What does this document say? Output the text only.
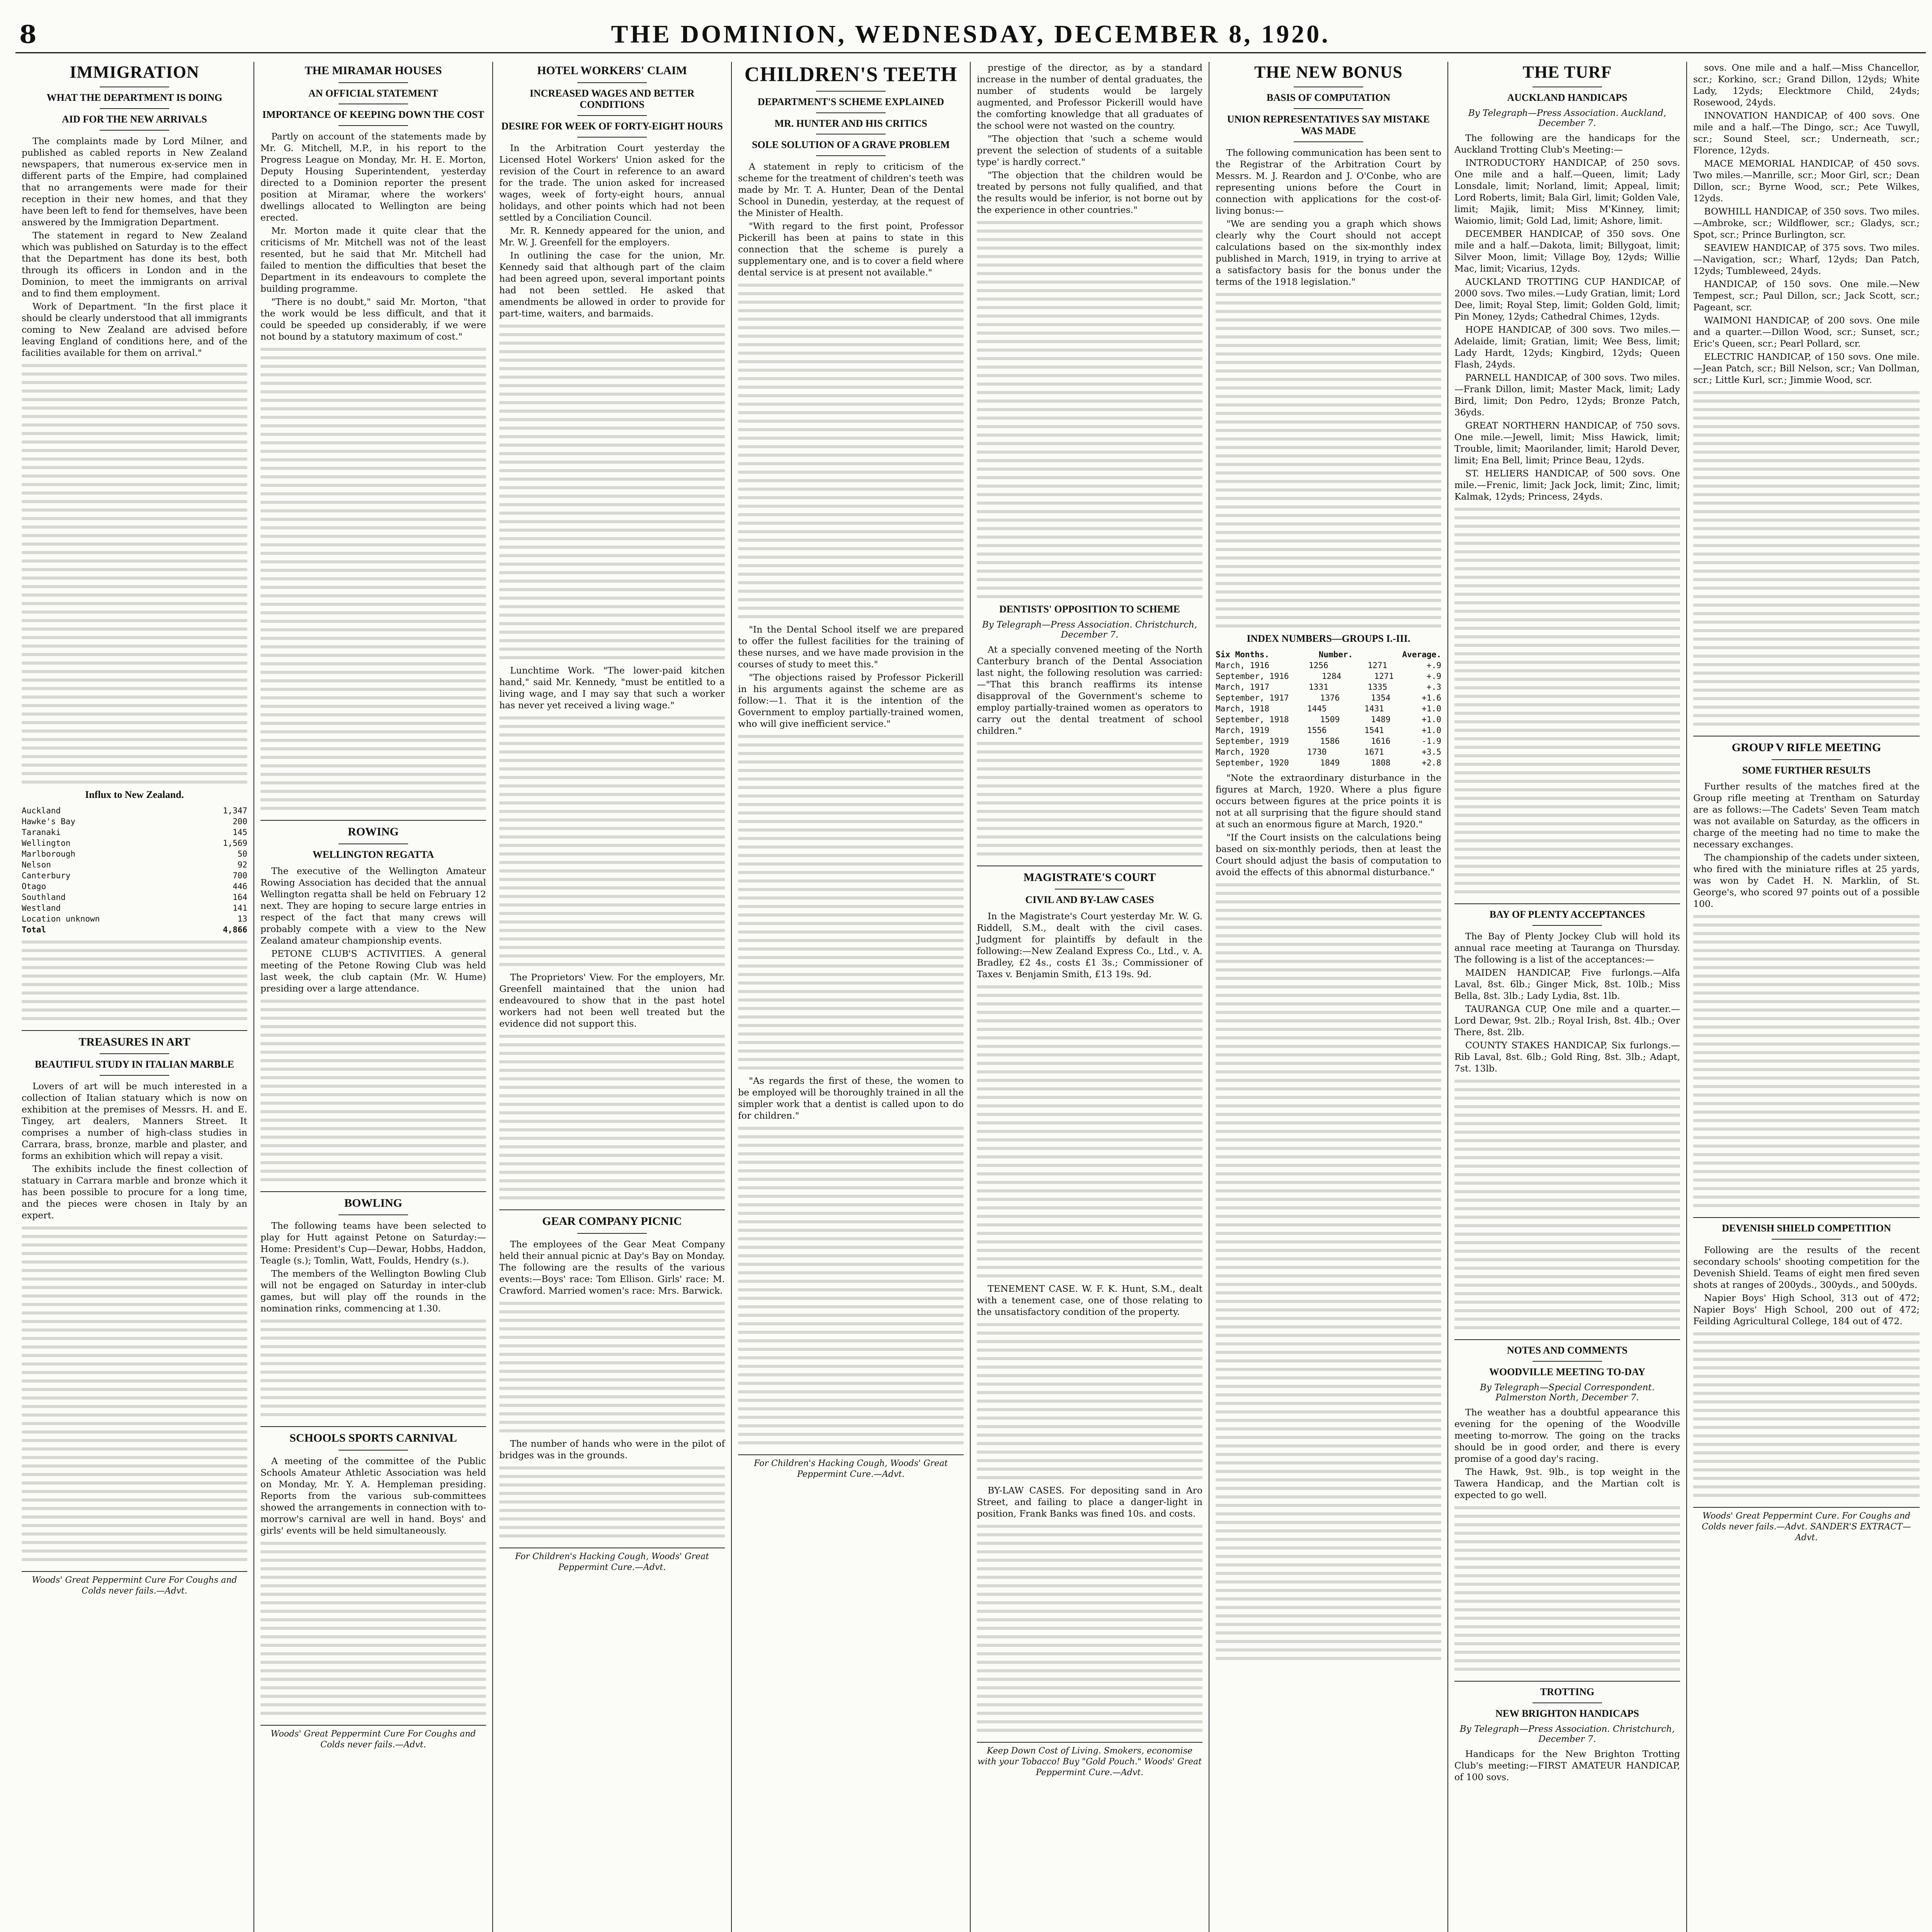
8	THE DOMINION, WEDNESDAY, DECEMBER 8, 1920.
IMMIGRATION
WHAT THE DEPARTMENT IS DOING
AID FOR THE NEW ARRIVALS

The complaints made by Lord Milner, and published as cabled reports in New Zealand newspapers, that numerous ex-service men in different parts of the Empire, had complained that no arrangements were made for their reception in their new homes, and that they have been left to fend for themselves, have been answered by the Immigration Department.

The statement in regard to New Zealand which was published on Saturday is to the effect that the Department has done its best, both through its officers in London and in the Dominion, to meet the immigrants on arrival and to find them employment.

Work of Department. "In the first place it should be clearly understood that all immigrants coming to New Zealand are advised before leaving England of conditions here, and of the facilities available for them on arrival."

Influx to New Zealand.
Auckland	1,347
Hawke's Bay	200
Taranaki	145
Wellington	1,569
Marlborough	50
Nelson	92
Canterbury	700
Otago	446
Southland	164
Westland	141
Location unknown	13
Total	4,866
TREASURES IN ART
BEAUTIFUL STUDY IN ITALIAN MARBLE

Lovers of art will be much interested in a collection of Italian statuary which is now on exhibition at the premises of Messrs. H. and E. Tingey, art dealers, Manners Street. It comprises a number of high-class studies in Carrara, brass, bronze, marble and plaster, and forms an exhibition which will repay a visit.

The exhibits include the finest collection of statuary in Carrara marble and bronze which it has been possible to procure for a long time, and the pieces were chosen in Italy by an expert.

Woods' Great Peppermint Cure For Coughs and Colds never fails.—Advt.
THE MIRAMAR HOUSES
AN OFFICIAL STATEMENT
IMPORTANCE OF KEEPING DOWN THE COST

Partly on account of the statements made by Mr. G. Mitchell, M.P., in his report to the Progress League on Monday, Mr. H. E. Morton, Deputy Housing Superintendent, yesterday directed to a Dominion reporter the present position at Miramar, where the workers' dwellings allocated to Wellington are being erected.

Mr. Morton made it quite clear that the criticisms of Mr. Mitchell was not of the least resented, but he said that Mr. Mitchell had failed to mention the difficulties that beset the Department in its endeavours to complete the building programme.

"There is no doubt," said Mr. Morton, "that the work would be less difficult, and that it could be speeded up considerably, if we were not bound by a statutory maximum of cost."

ROWING
WELLINGTON REGATTA

The executive of the Wellington Amateur Rowing Association has decided that the annual Wellington regatta shall be held on February 12 next. They are hoping to secure large entries in respect of the fact that many crews will probably compete with a view to the New Zealand amateur championship events.

PETONE CLUB'S ACTIVITIES. A general meeting of the Petone Rowing Club was held last week, the club captain (Mr. W. Hume) presiding over a large attendance.

BOWLING

The following teams have been selected to play for Hutt against Petone on Saturday:—Home: President's Cup—Dewar, Hobbs, Haddon, Teagle (s.); Tomlin, Watt, Foulds, Hendry (s.).

The members of the Wellington Bowling Club will not be engaged on Saturday in inter-club games, but will play off the rounds in the nomination rinks, commencing at 1.30.

SCHOOLS SPORTS CARNIVAL

A meeting of the committee of the Public Schools Amateur Athletic Association was held on Monday, Mr. Y. A. Hempleman presiding. Reports from the various sub-committees showed the arrangements in connection with to-morrow's carnival are well in hand. Boys' and girls' events will be held simultaneously.

Woods' Great Peppermint Cure For Coughs and Colds never fails.—Advt.
HOTEL WORKERS' CLAIM
INCREASED WAGES AND BETTER CONDITIONS
DESIRE FOR WEEK OF FORTY-EIGHT HOURS

In the Arbitration Court yesterday the Licensed Hotel Workers' Union asked for the revision of the Court in reference to an award for the trade. The union asked for increased wages, week of forty-eight hours, annual holidays, and other points which had not been settled by a Conciliation Council.

Mr. R. Kennedy appeared for the union, and Mr. W. J. Greenfell for the employers.

In outlining the case for the union, Mr. Kennedy said that although part of the claim had been agreed upon, several important points had not been settled. He asked that amendments be allowed in order to provide for part-time, waiters, and barmaids.

Lunchtime Work. "The lower-paid kitchen hand," said Mr. Kennedy, "must be entitled to a living wage, and I may say that such a worker has never yet received a living wage."

The Proprietors' View. For the employers, Mr. Greenfell maintained that the union had endeavoured to show that in the past hotel workers had not been well treated but the evidence did not support this.

GEAR COMPANY PICNIC

The employees of the Gear Meat Company held their annual picnic at Day's Bay on Monday. The following are the results of the various events:—Boys' race: Tom Ellison. Girls' race: M. Crawford. Married women's race: Mrs. Barwick.

The number of hands who were in the pilot of bridges was in the grounds.

For Children's Hacking Cough, Woods' Great Peppermint Cure.—Advt.
CHILDREN'S TEETH
DEPARTMENT'S SCHEME EXPLAINED
MR. HUNTER AND HIS CRITICS
SOLE SOLUTION OF A GRAVE PROBLEM

A statement in reply to criticism of the scheme for the treatment of children's teeth was made by Mr. T. A. Hunter, Dean of the Dental School in Dunedin, yesterday, at the request of the Minister of Health.

"With regard to the first point, Professor Pickerill has been at pains to state in this connection that the scheme is purely a supplementary one, and is to cover a field where dental service is at present not available."

"In the Dental School itself we are prepared to offer the fullest facilities for the training of these nurses, and we have made provision in the courses of study to meet this."

"The objections raised by Professor Pickerill in his arguments against the scheme are as follow:—1. That it is the intention of the Government to employ partially-trained women, who will give inefficient service."

"As regards the first of these, the women to be employed will be thoroughly trained in all the simpler work that a dentist is called upon to do for children."

For Children's Hacking Cough, Woods' Great Peppermint Cure.—Advt.

prestige of the director, as by a standard increase in the number of dental graduates, the number of students would be largely augmented, and Professor Pickerill would have the comforting knowledge that all graduates of the school were not wasted on the country.

"The objection that 'such a scheme would prevent the selection of students of a suitable type' is hardly correct."

"The objection that the children would be treated by persons not fully qualified, and that the results would be inferior, is not borne out by the experience in other countries."

DENTISTS' OPPOSITION TO SCHEME
By Telegraph—Press Association. Christchurch, December 7.

At a specially convened meeting of the North Canterbury branch of the Dental Association last night, the following resolution was carried:—"That this branch reaffirms its intense disapproval of the Government's scheme to employ partially-trained women as operators to carry out the dental treatment of school children."

MAGISTRATE'S COURT
CIVIL AND BY-LAW CASES

In the Magistrate's Court yesterday Mr. W. G. Riddell, S.M., dealt with the civil cases. Judgment for plaintiffs by default in the following:—New Zealand Express Co., Ltd., v. A. Bradley, £2 4s., costs £1 3s.; Commissioner of Taxes v. Benjamin Smith, £13 19s. 9d.

TENEMENT CASE. W. F. K. Hunt, S.M., dealt with a tenement case, one of those relating to the unsatisfactory condition of the property.

BY-LAW CASES. For depositing sand in Aro Street, and failing to place a danger-light in position, Frank Banks was fined 10s. and costs.

Keep Down Cost of Living. Smokers, economise with your Tobacco! Buy "Gold Pouch." Woods' Great Peppermint Cure.—Advt.
THE NEW BONUS
BASIS OF COMPUTATION
UNION REPRESENTATIVES SAY MISTAKE WAS MADE

The following communication has been sent to the Registrar of the Arbitration Court by Messrs. M. J. Reardon and J. O'Conbe, who are representing unions before the Court in connection with applications for the cost-of-living bonus:—

"We are sending you a graph which shows clearly why the Court should not accept calculations based on the six-monthly index published in March, 1919, in trying to arrive at a satisfactory basis for the bonus under the terms of the 1918 legislation."

INDEX NUMBERS—GROUPS I.-III.
Six Months.	Number.	Average.
March, 1916	1256	1271	+.9
September, 1916	1284	1271	+.9
March, 1917	1331	1335	+.3
September, 1917	1376	1354	+1.6
March, 1918	1445	1431	+1.0
September, 1918	1509	1489	+1.0
March, 1919	1556	1541	+1.0
September, 1919	1586	1616	-1.9
March, 1920	1730	1671	+3.5
September, 1920	1849	1808	+2.8

"Note the extraordinary disturbance in the figures at March, 1920. Where a plus figure occurs between figures at the price points it is not at all surprising that the figure should stand at such an enormous figure at March, 1920."

"If the Court insists on the calculations being based on six-monthly periods, then at least the Court should adjust the basis of computation to avoid the effects of this abnormal disturbance."

THE TURF
AUCKLAND HANDICAPS
By Telegraph—Press Association. Auckland, December 7.

The following are the handicaps for the Auckland Trotting Club's Meeting:—

INTRODUCTORY HANDICAP, of 250 sovs. One mile and a half.—Queen, limit; Lady Lonsdale, limit; Norland, limit; Appeal, limit; Lord Roberts, limit; Bala Girl, limit; Golden Vale, limit; Majik, limit; Miss M'Kinney, limit; Waiomio, limit; Gold Lad, limit; Ashore, limit.

DECEMBER HANDICAP, of 350 sovs. One mile and a half.—Dakota, limit; Billygoat, limit; Silver Moon, limit; Village Boy, 12yds; Willie Mac, limit; Vicarius, 12yds.

AUCKLAND TROTTING CUP HANDICAP, of 2000 sovs. Two miles.—Ludy Gratian, limit; Lord Dee, limit; Royal Step, limit; Golden Gold, limit; Pin Money, 12yds; Cathedral Chimes, 12yds.

HOPE HANDICAP, of 300 sovs. Two miles.—Adelaide, limit; Gratian, limit; Wee Bess, limit; Lady Hardt, 12yds; Kingbird, 12yds; Queen Flash, 24yds.

PARNELL HANDICAP, of 300 sovs. Two miles.—Frank Dillon, limit; Master Mack, limit; Lady Bird, limit; Don Pedro, 12yds; Bronze Patch, 36yds.

GREAT NORTHERN HANDICAP, of 750 sovs. One mile.—Jewell, limit; Miss Hawick, limit; Trouble, limit; Maorilander, limit; Harold Dever, limit; Ena Bell, limit; Prince Beau, 12yds.

ST. HELIERS HANDICAP, of 500 sovs. One mile.—Frenic, limit; Jack Jock, limit; Zinc, limit; Kalmak, 12yds; Princess, 24yds.

BAY OF PLENTY ACCEPTANCES

The Bay of Plenty Jockey Club will hold its annual race meeting at Tauranga on Thursday. The following is a list of the acceptances:—

MAIDEN HANDICAP, Five furlongs.—Alfa Laval, 8st. 6lb.; Ginger Mick, 8st. 10lb.; Miss Bella, 8st. 3lb.; Lady Lydia, 8st. 1lb.

TAURANGA CUP, One mile and a quarter.—Lord Dewar, 9st. 2lb.; Royal Irish, 8st. 4lb.; Over There, 8st. 2lb.

COUNTY STAKES HANDICAP, Six furlongs.—Rib Laval, 8st. 6lb.; Gold Ring, 8st. 3lb.; Adapt, 7st. 13lb.

NOTES AND COMMENTS
WOODVILLE MEETING TO-DAY
By Telegraph—Special Correspondent. Palmerston North, December 7.

The weather has a doubtful appearance this evening for the opening of the Woodville meeting to-morrow. The going on the tracks should be in good order, and there is every promise of a good day's racing.

The Hawk, 9st. 9lb., is top weight in the Tawera Handicap, and the Martian colt is expected to go well.

TROTTING
NEW BRIGHTON HANDICAPS
By Telegraph—Press Association. Christchurch, December 7.

Handicaps for the New Brighton Trotting Club's meeting:—FIRST AMATEUR HANDICAP, of 100 sovs.

sovs. One mile and a half.—Miss Chancellor, scr.; Korkino, scr.; Grand Dillon, 12yds; White Lady, 12yds; Elecktmore Child, 24yds; Rosewood, 24yds.

INNOVATION HANDICAP, of 400 sovs. One mile and a half.—The Dingo, scr.; Ace Tuwyll, scr.; Sound Steel, scr.; Underneath, scr.; Florence, 12yds.

MACE MEMORIAL HANDICAP, of 450 sovs. Two miles.—Manrille, scr.; Moor Girl, scr.; Dean Dillon, scr.; Byrne Wood, scr.; Pete Wilkes, 12yds.

BOWHILL HANDICAP, of 350 sovs. Two miles.—Ambroke, scr.; Wildflower, scr.; Gladys, scr.; Spot, scr.; Prince Burlington, scr.

SEAVIEW HANDICAP, of 375 sovs. Two miles.—Navigation, scr.; Wharf, 12yds; Dan Patch, 12yds; Tumbleweed, 24yds.

HANDICAP, of 150 sovs. One mile.—New Tempest, scr.; Paul Dillon, scr.; Jack Scott, scr.; Pageant, scr.

WAIMONI HANDICAP, of 200 sovs. One mile and a quarter.—Dillon Wood, scr.; Sunset, scr.; Eric's Queen, scr.; Pearl Pollard, scr.

ELECTRIC HANDICAP, of 150 sovs. One mile.—Jean Patch, scr.; Bill Nelson, scr.; Van Dollman, scr.; Little Kurl, scr.; Jimmie Wood, scr.

GROUP V RIFLE MEETING
SOME FURTHER RESULTS

Further results of the matches fired at the Group rifle meeting at Trentham on Saturday are as follows:—The Cadets' Seven Team match was not available on Saturday, as the officers in charge of the meeting had no time to make the necessary exchanges.

The championship of the cadets under sixteen, who fired with the miniature rifles at 25 yards, was won by Cadet H. N. Marklin, of St. George's, who scored 97 points out of a possible 100.

DEVENISH SHIELD COMPETITION

Following are the results of the recent secondary schools' shooting competition for the Devenish Shield. Teams of eight men fired seven shots at ranges of 200yds., 300yds., and 500yds.

Napier Boys' High School, 313 out of 472; Napier Boys' High School, 200 out of 472; Feilding Agricultural College, 184 out of 472.

Woods' Great Peppermint Cure. For Coughs and Colds never fails.—Advt. SANDER'S EXTRACT—Advt.
